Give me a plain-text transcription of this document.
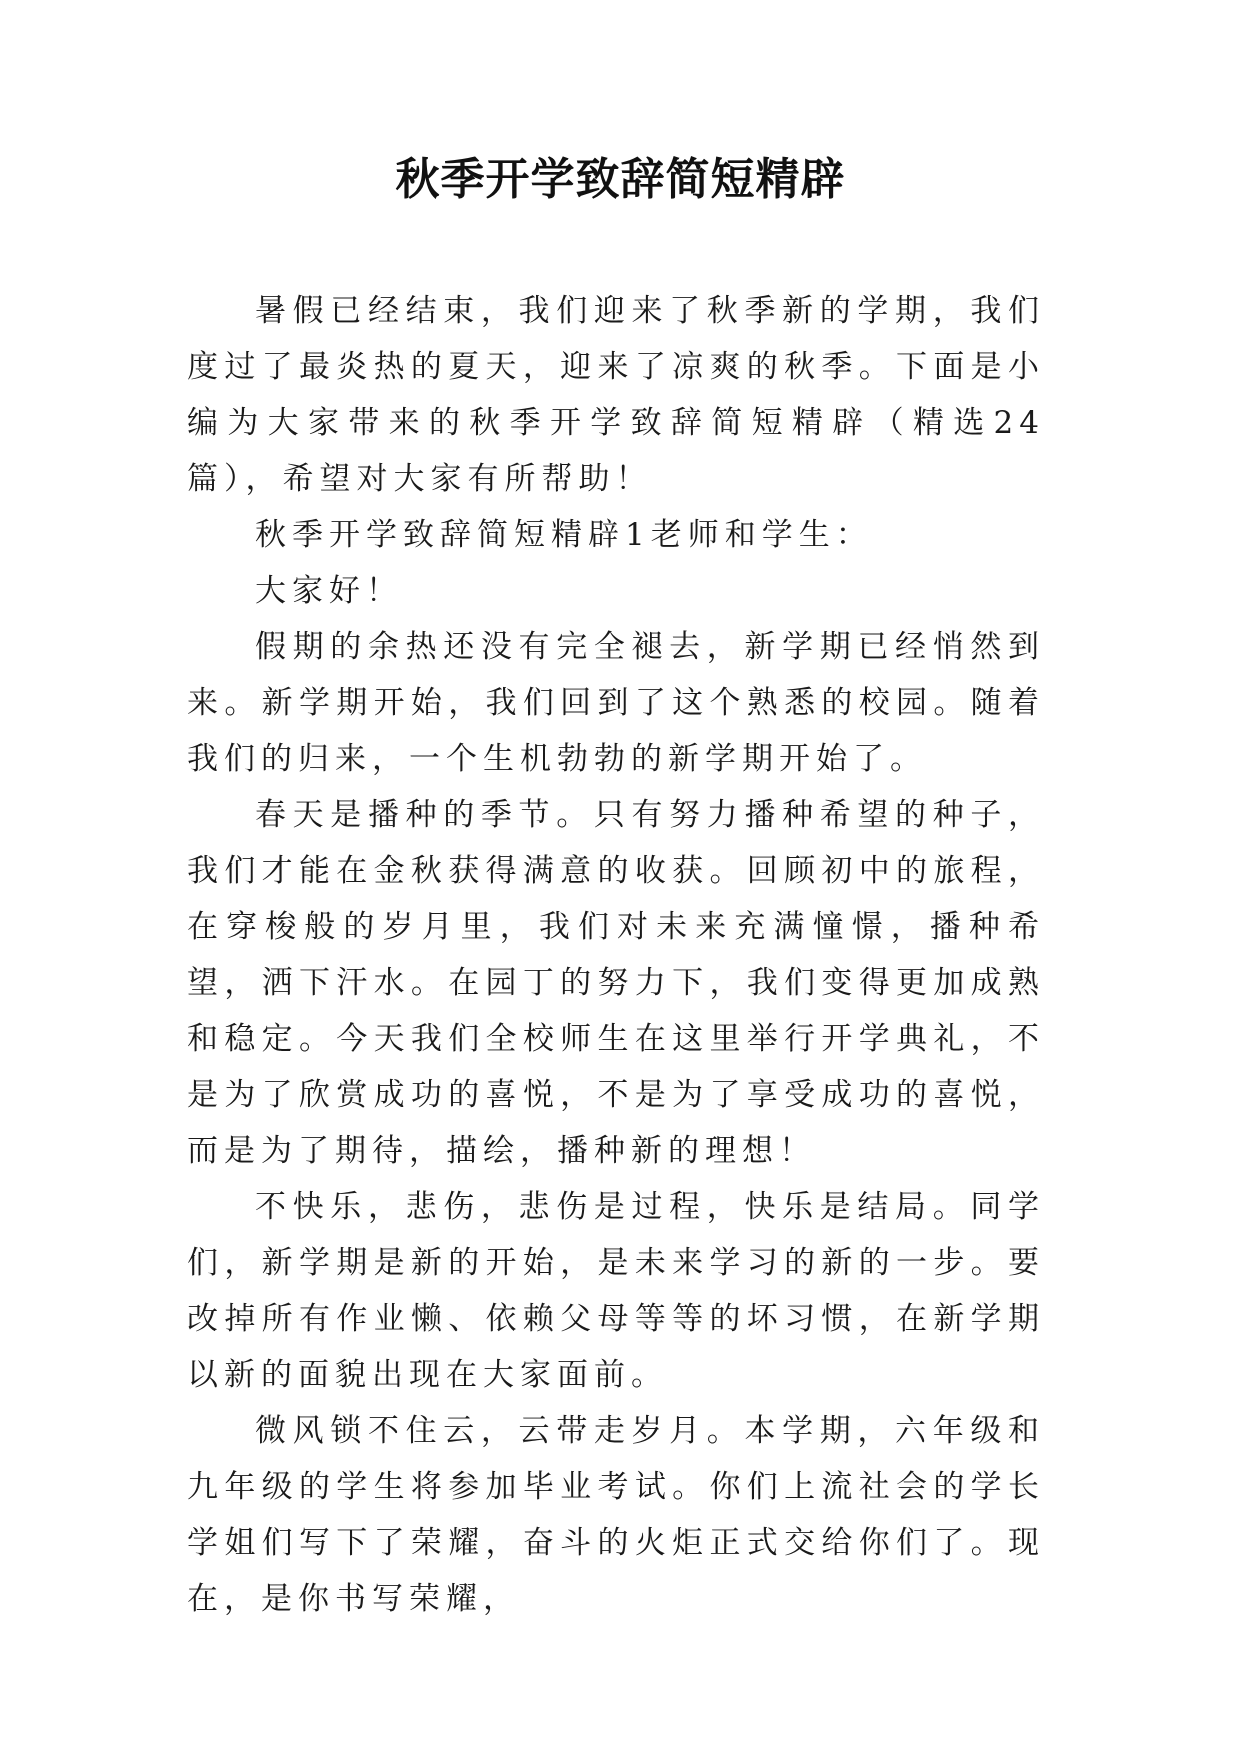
秋季开学致辞简短精辟

暑假已经结束，我们迎来了秋季新的学期，我们度过了最炎热的夏天，迎来了凉爽的秋季。下面是小编为大家带来的秋季开学致辞简短精辟（精选24篇），希望对大家有所帮助！

秋季开学致辞简短精辟1老师和学生：

大家好！

假期的余热还没有完全褪去，新学期已经悄然到来。新学期开始，我们回到了这个熟悉的校园。随着我们的归来，一个生机勃勃的新学期开始了。

春天是播种的季节。只有努力播种希望的种子，我们才能在金秋获得满意的收获。回顾初中的旅程，在穿梭般的岁月里，我们对未来充满憧憬，播种希望，洒下汗水。在园丁的努力下，我们变得更加成熟和稳定。今天我们全校师生在这里举行开学典礼，不是为了欣赏成功的喜悦，不是为了享受成功的喜悦，而是为了期待，描绘，播种新的理想！

不快乐，悲伤，悲伤是过程，快乐是结局。同学们，新学期是新的开始，是未来学习的新的一步。要改掉所有作业懒、依赖父母等等的坏习惯，在新学期以新的面貌出现在大家面前。

微风锁不住云，云带走岁月。本学期，六年级和九年级的学生将参加毕业考试。你们上流社会的学长学姐们写下了荣耀，奋斗的火炬正式交给你们了。现在，是你书写荣耀，
